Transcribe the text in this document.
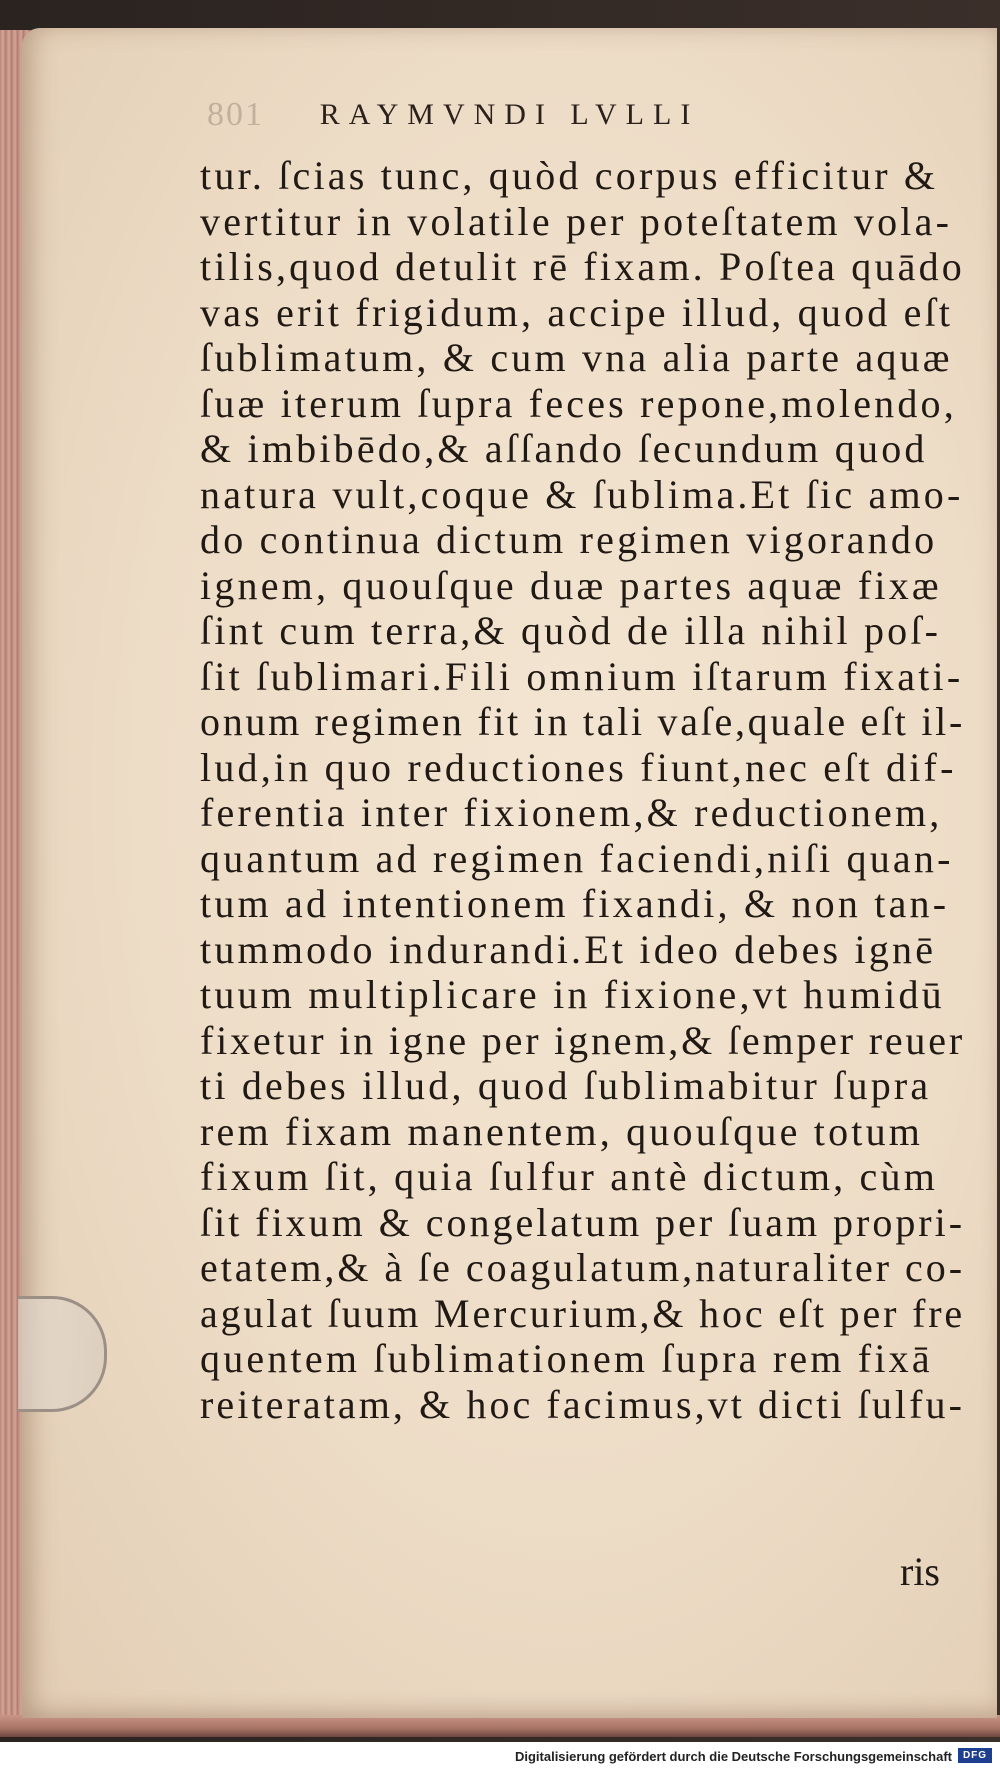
801 RAYMVNDI LVLLI
tur. ſcias tunc, quòd corpus efficitur &
vertitur in volatile per poteſtatem vola-
tilis,quod detulit rē fixam. Poſtea quādo
vas erit frigidum, accipe illud, quod eſt
ſublimatum, & cum vna alia parte aquæ
ſuæ iterum ſupra feces repone,molendo,
& imbibēdo,& aſſando ſecundum quod
natura vult,coque & ſublima.Et ſic amo-
do continua dictum regimen vigorando
ignem, quouſque duæ partes aquæ fixæ
ſint cum terra,& quòd de illa nihil poſ-
ſit ſublimari.Fili omnium iſtarum fixati-
onum regimen fit in tali vaſe,quale eſt il-
lud,in quo reductiones fiunt,nec eſt dif-
ferentia inter fixionem,& reductionem,
quantum ad regimen faciendi,niſi quan-
tum ad intentionem fixandi, & non tan-
tummodo indurandi.Et ideo debes ignē
tuum multiplicare in fixione,vt humidū
fixetur in igne per ignem,& ſemper reuer
ti debes illud, quod ſublimabitur ſupra
rem fixam manentem, quouſque totum
fixum ſit, quia ſulfur antè dictum, cùm
ſit fixum & congelatum per ſuam propri-
etatem,& à ſe coagulatum,naturaliter co-
agulat ſuum Mercurium,& hoc eſt per fre
quentem ſublimationem ſupra rem fixā
reiteratam, & hoc facimus,vt dicti ſulfu-
ris
Digitalisierung gefördert durch die Deutsche Forschungsgemeinschaft	DFG
